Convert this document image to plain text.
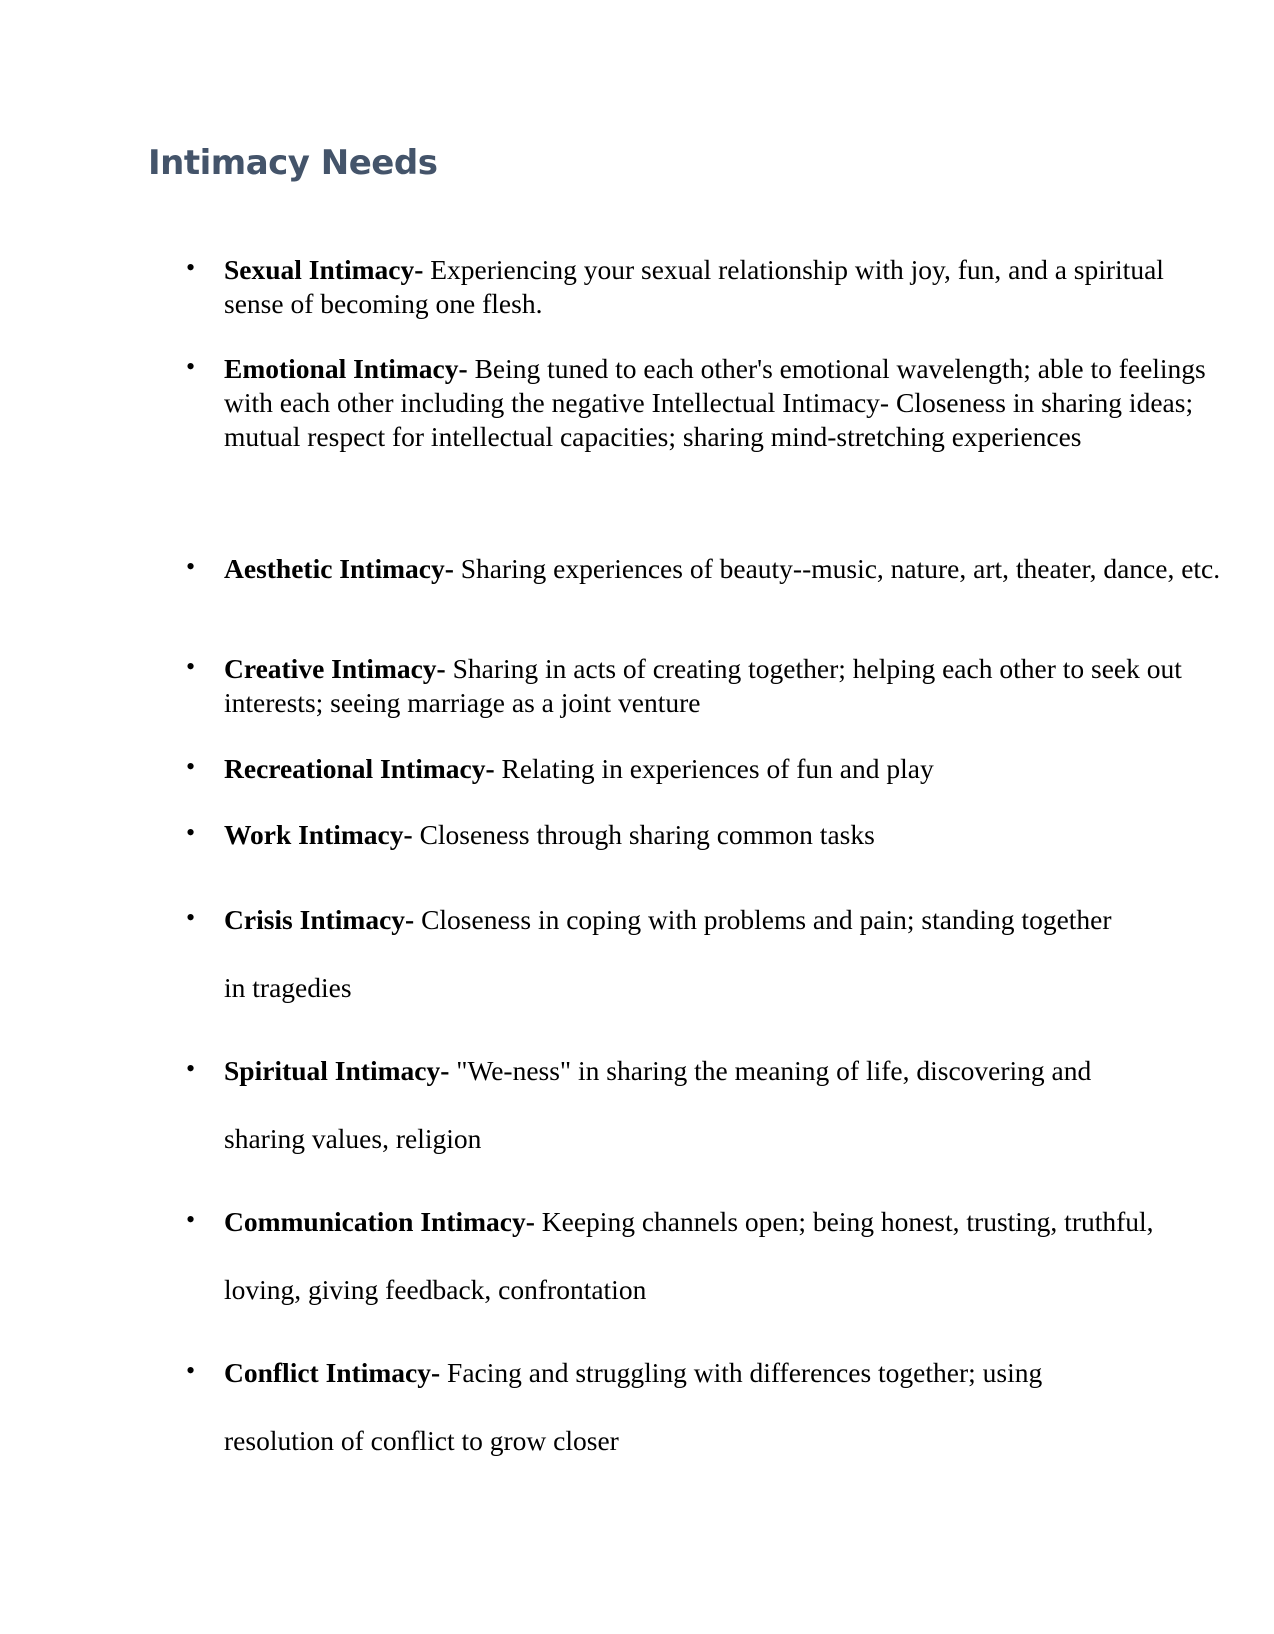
Intimacy Needs
• Sexual Intimacy- Experiencing your sexual relationship with joy, fun, and a spiritual sense of becoming one flesh.

• Emotional Intimacy- Being tuned to each other's emotional wavelength; able to feelings with each other including the negative Intellectual Intimacy- Closeness in sharing ideas; mutual respect for intellectual capacities; sharing mind-stretching experiences

• Aesthetic Intimacy- Sharing experiences of beauty--music, nature, art, theater, dance, etc.

• Creative Intimacy- Sharing in acts of creating together; helping each other to seek out interests; seeing marriage as a joint venture

• Recreational Intimacy- Relating in experiences of fun and play

• Work Intimacy- Closeness through sharing common tasks

• Crisis Intimacy- Closeness in coping with problems and pain; standing together in tragedies

• Spiritual Intimacy- "We-ness" in sharing the meaning of life, discovering and sharing values, religion

• Communication Intimacy- Keeping channels open; being honest, trusting, truthful, loving, giving feedback, confrontation

• Conflict Intimacy- Facing and struggling with differences together; using resolution of conflict to grow closer
